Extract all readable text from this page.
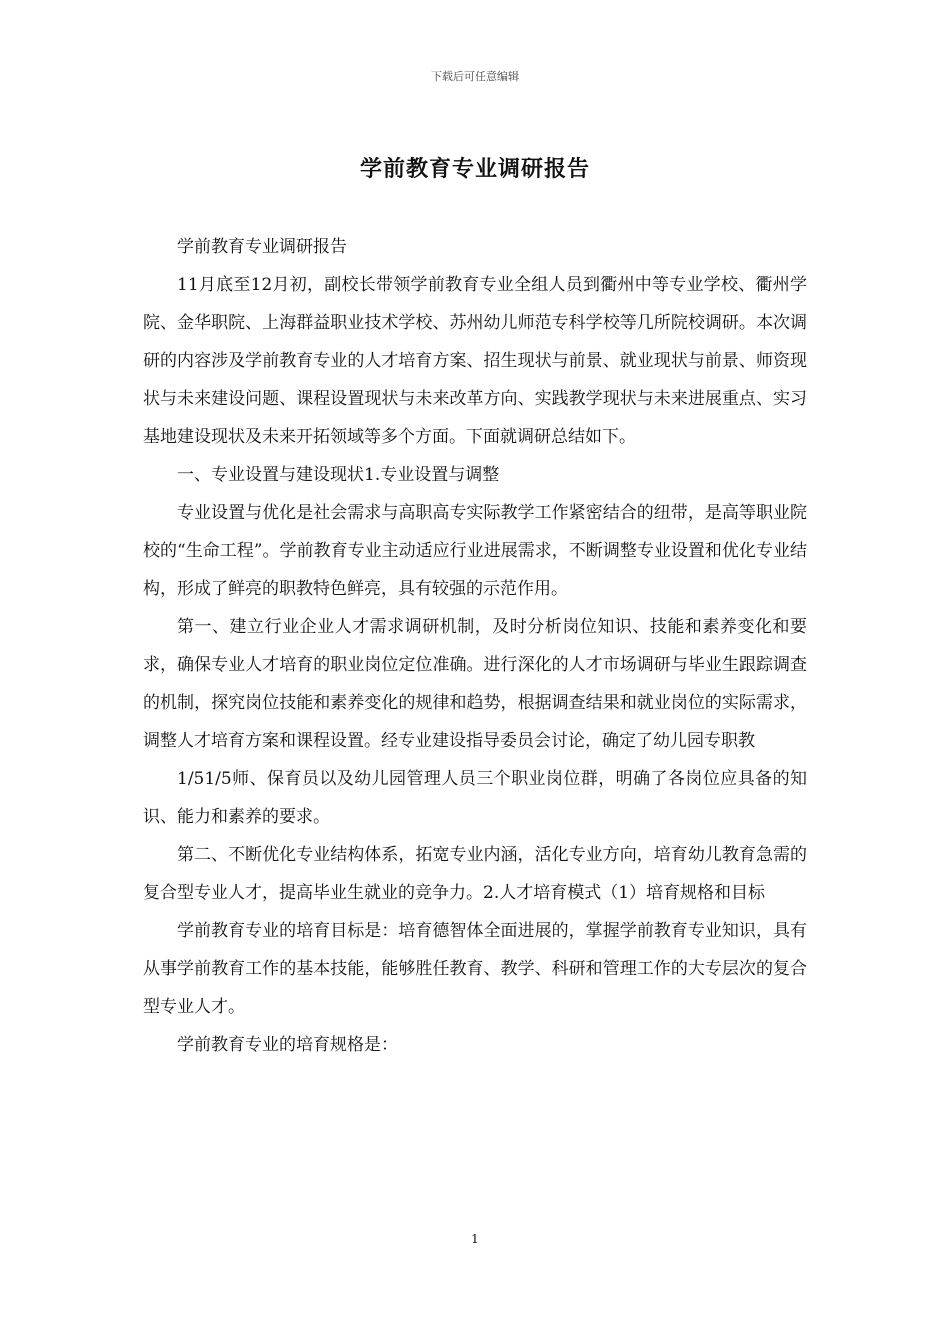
下载后可任意编辑
学前教育专业调研报告

学前教育专业调研报告

11月底至12月初，副校长带领学前教育专业全组人员到衢州中等专业学校、衢州学院、金华职院、上海群益职业技术学校、苏州幼儿师范专科学校等几所院校调研。本次调研的内容涉及学前教育专业的人才培育方案、招生现状与前景、就业现状与前景、师资现状与未来建设问题、课程设置现状与未来改革方向、实践教学现状与未来进展重点、实习基地建设现状及未来开拓领域等多个方面。下面就调研总结如下。

一、专业设置与建设现状1.专业设置与调整

专业设置与优化是社会需求与高职高专实际教学工作紧密结合的纽带，是高等职业院校的“生命工程”。学前教育专业主动适应行业进展需求，不断调整专业设置和优化专业结构，形成了鲜亮的职教特色鲜亮，具有较强的示范作用。

第一、建立行业企业人才需求调研机制，及时分析岗位知识、技能和素养变化和要求，确保专业人才培育的职业岗位定位准确。进行深化的人才市场调研与毕业生跟踪调查的机制，探究岗位技能和素养变化的规律和趋势，根据调查结果和就业岗位的实际需求，调整人才培育方案和课程设置。经专业建设指导委员会讨论，确定了幼儿园专职教

1/51/5师、保育员以及幼儿园管理人员三个职业岗位群，明确了各岗位应具备的知识、能力和素养的要求。

第二、不断优化专业结构体系，拓宽专业内涵，活化专业方向，培育幼儿教育急需的复合型专业人才，提高毕业生就业的竞争力。2.人才培育模式（1）培育规格和目标

学前教育专业的培育目标是：培育德智体全面进展的，掌握学前教育专业知识，具有从事学前教育工作的基本技能，能够胜任教育、教学、科研和管理工作的大专层次的复合型专业人才。

学前教育专业的培育规格是：

1
